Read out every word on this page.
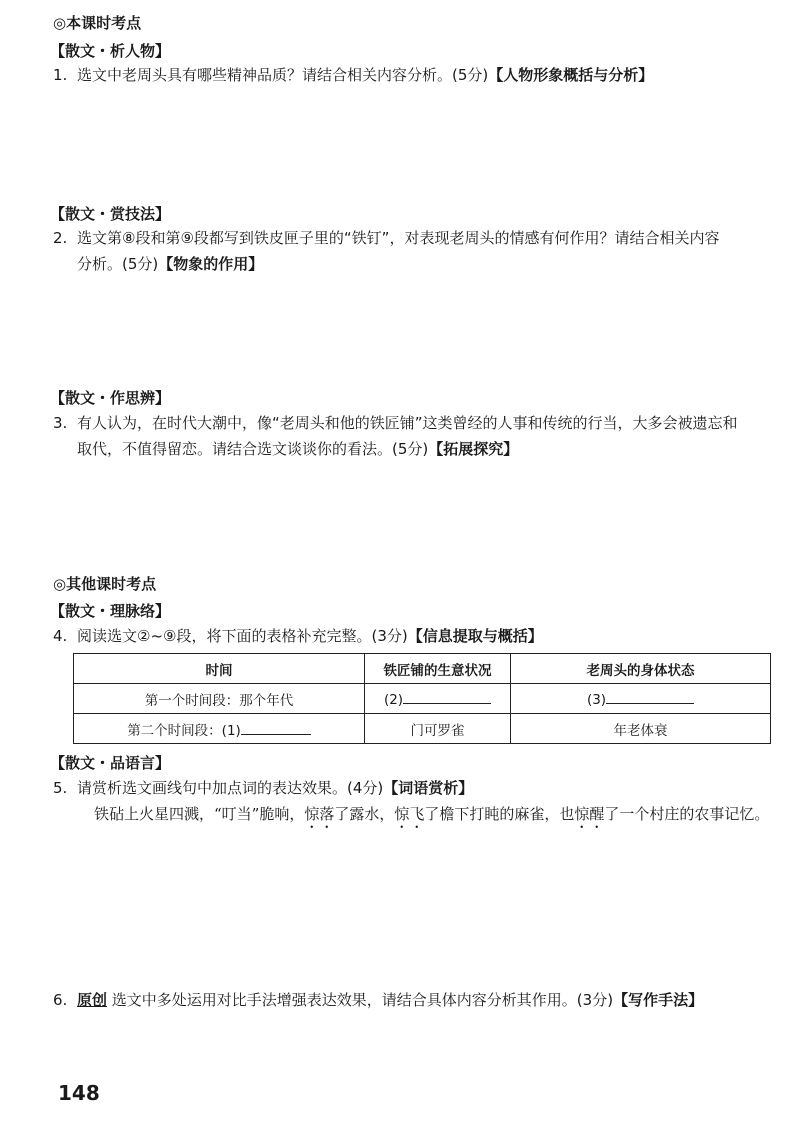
◎本课时考点
【散文・析人物】
1. 选文中老周头具有哪些精神品质？请结合相关内容分析。(5分)【人物形象概括与分析】
【散文・赏技法】
2. 选文第⑧段和第⑨段都写到铁皮匣子里的“铁钉”，对表现老周头的情感有何作用？请结合相关内容
分析。(5分)【物象的作用】
【散文・作思辨】
3. 有人认为，在时代大潮中，像“老周头和他的铁匠铺”这类曾经的人事和传统的行当，大多会被遗忘和
取代，不值得留恋。请结合选文谈谈你的看法。(5分)【拓展探究】
◎其他课时考点
【散文・理脉络】
4. 阅读选文②~⑨段，将下面的表格补充完整。(3分)【信息提取与概括】
时间	铁匠铺的生意状况	老周头的身体状态
第一个时间段：那个年代	(2)	(3)
第二个时间段：(1)	门可罗雀	年老体衰
【散文・品语言】
5. 请赏析选文画线句中加点词的表达效果。(4分)【词语赏析】
铁砧上火星四溅，“叮当”脆响，惊落了露水，惊飞了檐下打盹的麻雀，也惊醒了一个村庄的农事记忆。
6. 原创 选文中多处运用对比手法增强表达效果，请结合具体内容分析其作用。(3分)【写作手法】
148
